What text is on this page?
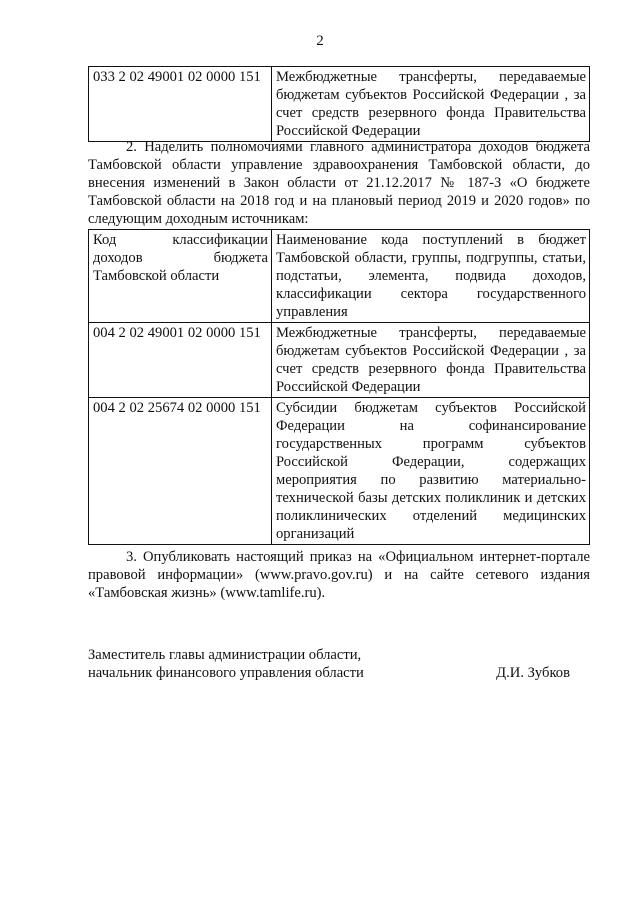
2
033 2 02 49001 02 0000 151	Межбюджетные трансферты, передаваемые бюджетам субъектов Российской Федерации , за счет средств резервного фонда Правительства Российской Федерации
2. Наделить полномочиями главного администратора доходов бюджета Тамбовской области управление здравоохранения Тамбовской области, до внесения изменений в Закон области от 21.12.2017 № 187-З «О бюджете Тамбовской области на 2018 год и на плановый период 2019 и 2020 годов» по следующим доходным источникам:
Код классификации доходов бюджета Тамбовской области	Наименование кода поступлений в бюджет Тамбовской области, группы, подгруппы, статьи, подстатьи, элемента, подвида доходов, классификации сектора государственного управления
004 2 02 49001 02 0000 151	Межбюджетные трансферты, передаваемые бюджетам субъектов Российской Федерации , за счет средств резервного фонда Правительства Российской Федерации
004 2 02 25674 02 0000 151	Субсидии бюджетам субъектов Российской Федерации на софинансирование государственных программ субъектов Российской Федерации, содержащих мероприятия по развитию материально-технической базы детских поликлиник и детских поликлинических отделений медицинских организаций
3. Опубликовать настоящий приказ на «Официальном интернет-портале правовой информации» (www.pravo.gov.ru) и на сайте сетевого издания «Тамбовская жизнь» (www.tamlife.ru).
Заместитель главы администрации области,
начальник финансового управления области	Д.И. Зубков
